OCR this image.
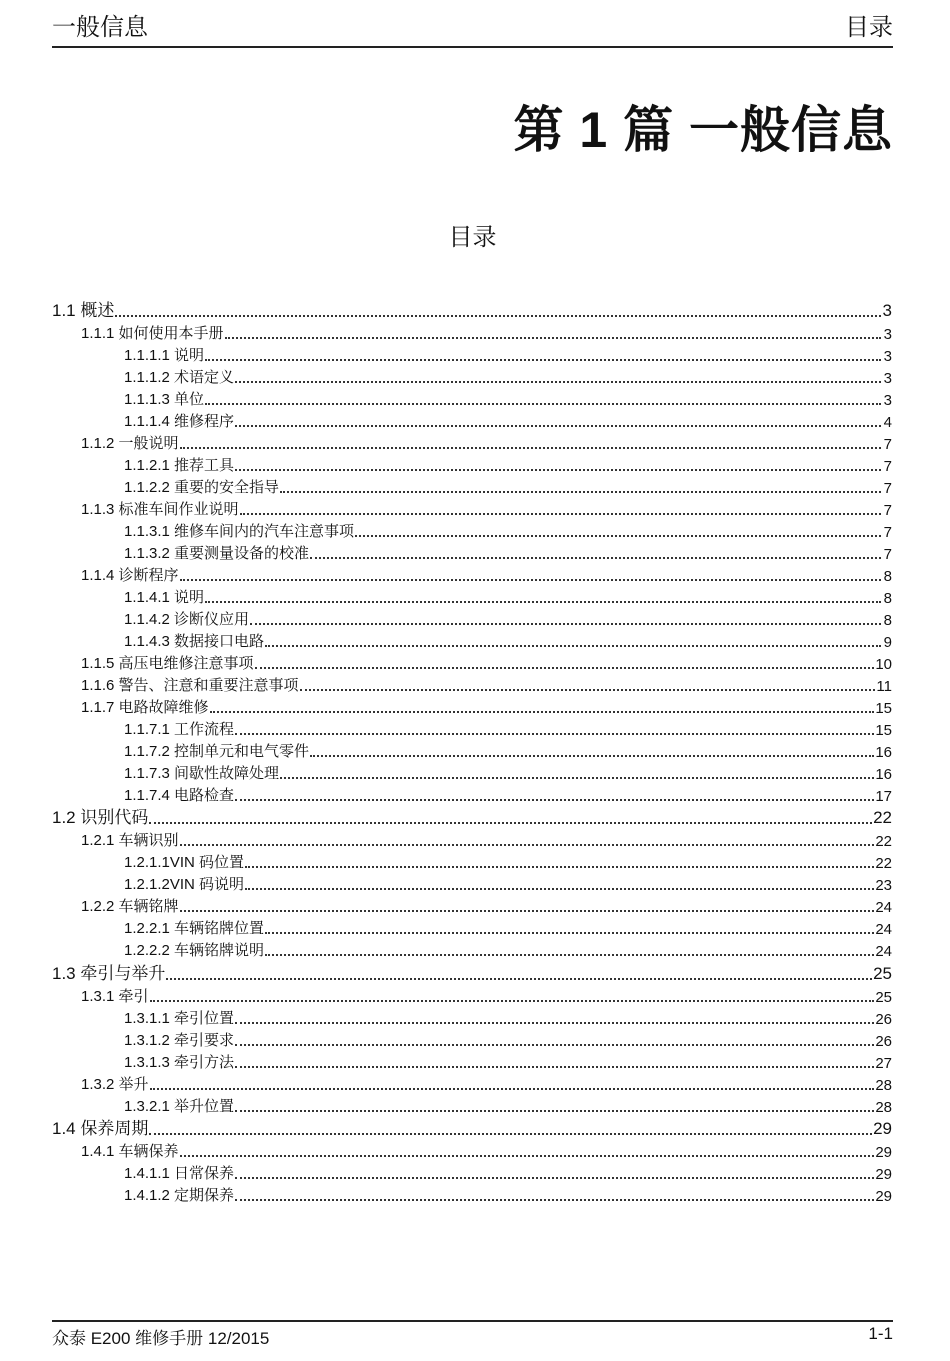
一般信息	目录
第 1 篇 一般信息
目录
1.1 概述	3
1.1.1 如何使用本手册	3
1.1.1.1 说明	3
1.1.1.2 术语定义	3
1.1.1.3 单位	3
1.1.1.4 维修程序	4
1.1.2 一般说明	7
1.1.2.1 推荐工具	7
1.1.2.2 重要的安全指导	7
1.1.3 标准车间作业说明	7
1.1.3.1 维修车间内的汽车注意事项	7
1.1.3.2 重要测量设备的校准	7
1.1.4 诊断程序	8
1.1.4.1 说明	8
1.1.4.2 诊断仪应用	8
1.1.4.3 数据接口电路	9
1.1.5 高压电维修注意事项	10
1.1.6 警告、注意和重要注意事项	11
1.1.7 电路故障维修	15
1.1.7.1 工作流程	15
1.1.7.2 控制单元和电气零件	16
1.1.7.3 间歇性故障处理	16
1.1.7.4 电路检查	17
1.2 识别代码	22
1.2.1 车辆识别	22
1.2.1.1VIN 码位置	22
1.2.1.2VIN 码说明	23
1.2.2 车辆铭牌	24
1.2.2.1 车辆铭牌位置	24
1.2.2.2 车辆铭牌说明	24
1.3 牵引与举升	25
1.3.1 牵引	25
1.3.1.1 牵引位置	26
1.3.1.2 牵引要求	26
1.3.1.3 牵引方法	27
1.3.2 举升	28
1.3.2.1 举升位置	28
1.4 保养周期	29
1.4.1 车辆保养	29
1.4.1.1 日常保养	29
1.4.1.2 定期保养	29
众泰 E200 维修手册 12/2015	1-1
